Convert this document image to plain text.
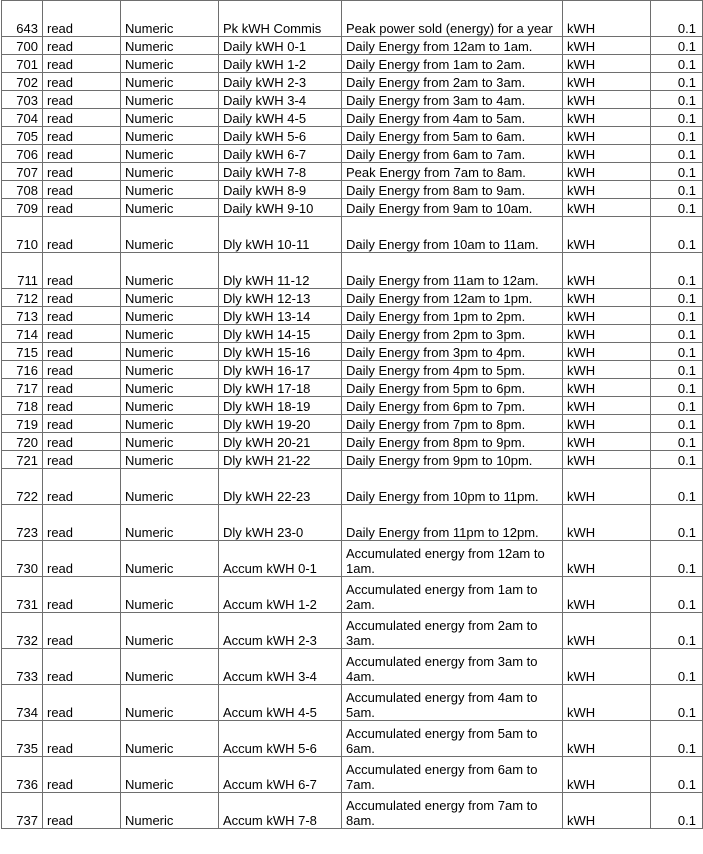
643	read	Numeric	Pk kWH Commis	Peak power sold (energy) for a year	kWH	0.1
700	read	Numeric	Daily kWH 0-1	Daily Energy from 12am to 1am.	kWH	0.1
701	read	Numeric	Daily kWH 1-2	Daily Energy from 1am to 2am.	kWH	0.1
702	read	Numeric	Daily kWH 2-3	Daily Energy from 2am to 3am.	kWH	0.1
703	read	Numeric	Daily kWH 3-4	Daily Energy from 3am to 4am.	kWH	0.1
704	read	Numeric	Daily kWH 4-5	Daily Energy from 4am to 5am.	kWH	0.1
705	read	Numeric	Daily kWH 5-6	Daily Energy from 5am to 6am.	kWH	0.1
706	read	Numeric	Daily kWH 6-7	Daily Energy from 6am to 7am.	kWH	0.1
707	read	Numeric	Daily kWH 7-8	Peak Energy from 7am to 8am.	kWH	0.1
708	read	Numeric	Daily kWH 8-9	Daily Energy from 8am to 9am.	kWH	0.1
709	read	Numeric	Daily kWH 9-10	Daily Energy from 9am to 10am.	kWH	0.1
710	read	Numeric	Dly kWH 10-11	Daily Energy from 10am to 11am.	kWH	0.1
711	read	Numeric	Dly kWH 11-12	Daily Energy from 11am to 12am.	kWH	0.1
712	read	Numeric	Dly kWH 12-13	Daily Energy from 12am to 1pm.	kWH	0.1
713	read	Numeric	Dly kWH 13-14	Daily Energy from 1pm to 2pm.	kWH	0.1
714	read	Numeric	Dly kWH 14-15	Daily Energy from 2pm to 3pm.	kWH	0.1
715	read	Numeric	Dly kWH 15-16	Daily Energy from 3pm to 4pm.	kWH	0.1
716	read	Numeric	Dly kWH 16-17	Daily Energy from 4pm to 5pm.	kWH	0.1
717	read	Numeric	Dly kWH 17-18	Daily Energy from 5pm to 6pm.	kWH	0.1
718	read	Numeric	Dly kWH 18-19	Daily Energy from 6pm to 7pm.	kWH	0.1
719	read	Numeric	Dly kWH 19-20	Daily Energy from 7pm to 8pm.	kWH	0.1
720	read	Numeric	Dly kWH 20-21	Daily Energy from 8pm to 9pm.	kWH	0.1
721	read	Numeric	Dly kWH 21-22	Daily Energy from 9pm to 10pm.	kWH	0.1
722	read	Numeric	Dly kWH 22-23	Daily Energy from 10pm to 11pm.	kWH	0.1
723	read	Numeric	Dly kWH 23-0	Daily Energy from 11pm to 12pm.	kWH	0.1
730	read	Numeric	Accum kWH 0-1	Accumulated energy from 12am to 1am.	kWH	0.1
731	read	Numeric	Accum kWH 1-2	Accumulated energy from 1am to 2am.	kWH	0.1
732	read	Numeric	Accum kWH 2-3	Accumulated energy from 2am to 3am.	kWH	0.1
733	read	Numeric	Accum kWH 3-4	Accumulated energy from 3am to 4am.	kWH	0.1
734	read	Numeric	Accum kWH 4-5	Accumulated energy from 4am to 5am.	kWH	0.1
735	read	Numeric	Accum kWH 5-6	Accumulated energy from 5am to 6am.	kWH	0.1
736	read	Numeric	Accum kWH 6-7	Accumulated energy from 6am to 7am.	kWH	0.1
737	read	Numeric	Accum kWH 7-8	Accumulated energy from 7am to 8am.	kWH	0.1
